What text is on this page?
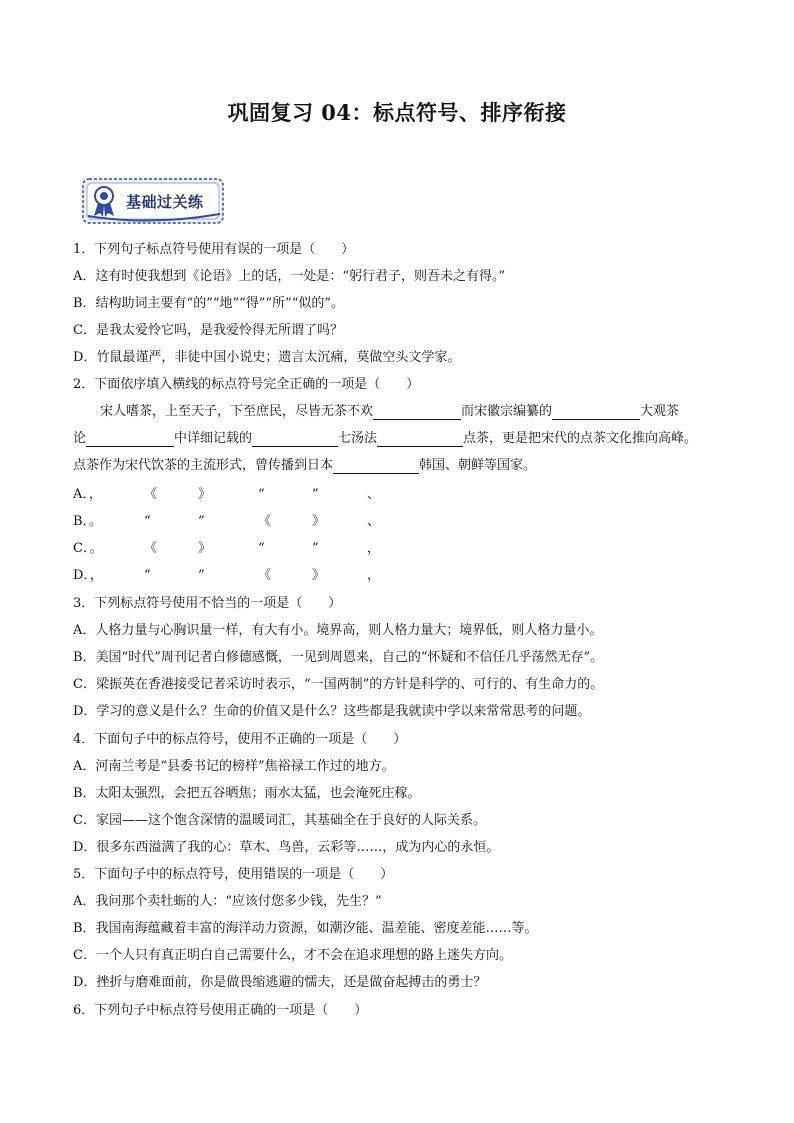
巩固复习 04：标点符号、排序衔接
基础过关练
1．下列句子标点符号使用有误的一项是（　　）
A．这有时使我想到《论语》上的话，一处是：“躬行君子，则吾未之有得。”
B．结构助词主要有“的”“地”“得”“所”“似的”。
C．是我太爱怜它吗，是我爱怜得无所谓了吗？
D．竹鼠最谨严，非徒中国小说史；遗言太沉痛，莫做空头文学家。
2．下面依序填入横线的标点符号完全正确的一项是（　　）
宋人嗜茶，上至天子，下至庶民，尽皆无茶不欢	而宋徽宗编纂的	大观茶
论	中详细记载的	七汤法	点茶，更是把宋代的点茶文化推向高峰。
点茶作为宋代饮茶的主流形式，曾传播到日本	韩国、朝鲜等国家。
A．，	《	》	“	”	、
B．。	“	”	《	》	、
C．。	《	》	“	”	，
D．，	“	”	《	》	，
3．下列标点符号使用不恰当的一项是（　　）
A．人格力量与心胸识量一样，有大有小。境界高，则人格力量大；境界低，则人格力量小。
B．美国“时代”周刊记者白修德感慨，一见到周恩来，自己的“怀疑和不信任几乎荡然无存”。
C．梁振英在香港接受记者采访时表示，“一国两制”的方针是科学的、可行的、有生命力的。
D．学习的意义是什么？生命的价值又是什么？这些都是我就读中学以来常常思考的问题。
4．下面句子中的标点符号，使用不正确的一项是（　　）
A．河南兰考是“县委书记的榜样”焦裕禄工作过的地方。
B．太阳太强烈，会把五谷晒焦；雨水太猛，也会淹死庄稼。
C．家园——这个饱含深情的温暖词汇，其基础全在于良好的人际关系。
D．很多东西溢满了我的心：草木、鸟兽，云彩等……，成为内心的永恒。
5．下面句子中的标点符号，使用错误的一项是（　　）
A．我问那个卖牡蛎的人：“应该付您多少钱，先生？”
B．我国南海蕴藏着丰富的海洋动力资源，如潮汐能、温差能、密度差能……等。
C．一个人只有真正明白自己需要什么，才不会在追求理想的路上迷失方向。
D．挫折与磨难面前，你是做畏缩逃避的懦夫，还是做奋起搏击的勇士？
6．下列句子中标点符号使用正确的一项是（　　）
